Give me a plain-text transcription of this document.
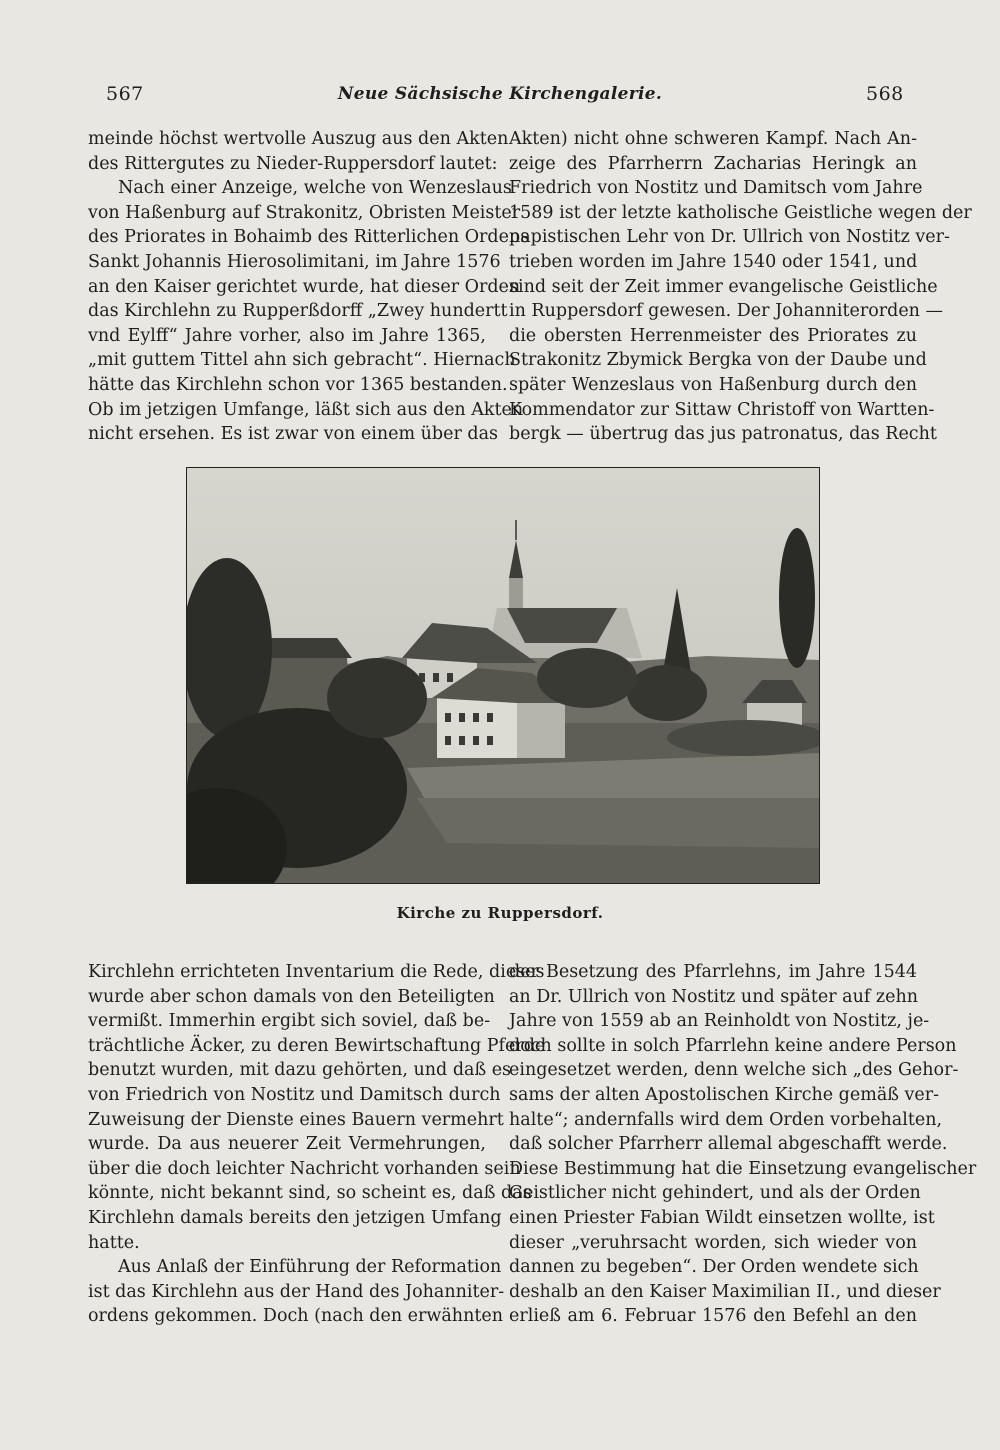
567	Neue Sächsische Kirchengalerie.	568
meinde höchst wertvolle Auszug aus den Akten
des Rittergutes zu Nieder-Ruppersdorf lautet:
Nach einer Anzeige, welche von Wenzeslaus
von Haßenburg auf Strakonitz, Obristen Meister
des Priorates in Bohaimb des Ritterlichen Ordens
Sankt Johannis Hierosolimitani, im Jahre 1576
an den Kaiser gerichtet wurde, hat dieser Orden
das Kirchlehn zu Rupperßdorff „Zwey hundertt
vnd Eylff“ Jahre vorher, also im Jahre 1365,
„mit guttem Tittel ahn sich gebracht“. Hiernach
hätte das Kirchlehn schon vor 1365 bestanden.
Ob im jetzigen Umfange, läßt sich aus den Akten
nicht ersehen. Es ist zwar von einem über das
Akten) nicht ohne schweren Kampf. Nach An-
zeige des Pfarrherrn Zacharias Heringk an
Friedrich von Nostitz und Damitsch vom Jahre
1589 ist der letzte katholische Geistliche wegen der
papistischen Lehr von Dr. Ullrich von Nostitz ver-
trieben worden im Jahre 1540 oder 1541, und
sind seit der Zeit immer evangelische Geistliche
in Ruppersdorf gewesen. Der Johanniterorden —
die obersten Herrenmeister des Priorates zu
Strakonitz Zbymick Bergka von der Daube und
später Wenzeslaus von Haßenburg durch den
Kommendator zur Sittaw Christoff von Wartten-
bergk — übertrug das jus patronatus, das Recht
Kirche zu Ruppersdorf.
Kirchlehn errichteten Inventarium die Rede, dieses
wurde aber schon damals von den Beteiligten
vermißt. Immerhin ergibt sich soviel, daß be-
trächtliche Äcker, zu deren Bewirtschaftung Pferde
benutzt wurden, mit dazu gehörten, und daß es
von Friedrich von Nostitz und Damitsch durch
Zuweisung der Dienste eines Bauern vermehrt
wurde. Da aus neuerer Zeit Vermehrungen,
über die doch leichter Nachricht vorhanden sein
könnte, nicht bekannt sind, so scheint es, daß das
Kirchlehn damals bereits den jetzigen Umfang
hatte.
Aus Anlaß der Einführung der Reformation
ist das Kirchlehn aus der Hand des Johanniter-
ordens gekommen. Doch (nach den erwähnten
der Besetzung des Pfarrlehns, im Jahre 1544
an Dr. Ullrich von Nostitz und später auf zehn
Jahre von 1559 ab an Reinholdt von Nostitz, je-
doch sollte in solch Pfarrlehn keine andere Person
eingesetzet werden, denn welche sich „des Gehor-
sams der alten Apostolischen Kirche gemäß ver-
halte“; andernfalls wird dem Orden vorbehalten,
daß solcher Pfarrherr allemal abgeschafft werde.
Diese Bestimmung hat die Einsetzung evangelischer
Geistlicher nicht gehindert, und als der Orden
einen Priester Fabian Wildt einsetzen wollte, ist
dieser „veruhrsacht worden, sich wieder von
dannen zu begeben“. Der Orden wendete sich
deshalb an den Kaiser Maximilian II., und dieser
erließ am 6. Februar 1576 den Befehl an den
